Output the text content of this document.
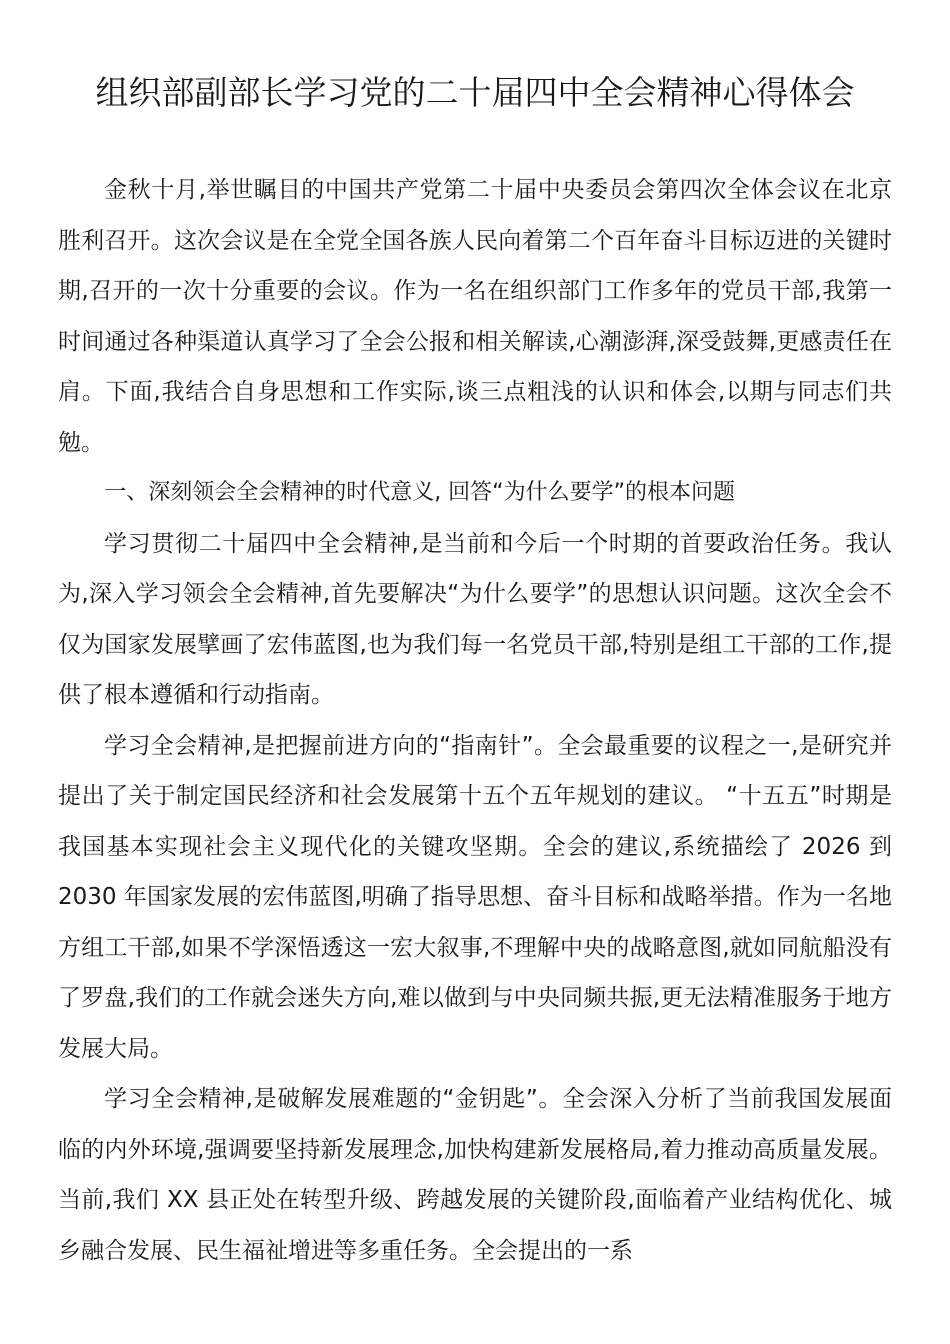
组织部副部长学习党的二十届四中全会精神心得体会

金秋十月,举世瞩目的中国共产党第二十届中央委员会第四次全体会议在北京胜利召开。这次会议是在全党全国各族人民向着第二个百年奋斗目标迈进的关键时期,召开的一次十分重要的会议。作为一名在组织部门工作多年的党员干部,我第一时间通过各种渠道认真学习了全会公报和相关解读,心潮澎湃,深受鼓舞,更感责任在肩。下面,我结合自身思想和工作实际,谈三点粗浅的认识和体会,以期与同志们共勉。

一、深刻领会全会精神的时代意义, 回答“为什么要学”的根本问题

学习贯彻二十届四中全会精神,是当前和今后一个时期的首要政治任务。我认为,深入学习领会全会精神,首先要解决“为什么要学”的思想认识问题。这次全会不仅为国家发展擘画了宏伟蓝图,也为我们每一名党员干部,特别是组工干部的工作,提供了根本遵循和行动指南。

学习全会精神,是把握前进方向的“指南针”。全会最重要的议程之一,是研究并提出了关于制定国民经济和社会发展第十五个五年规划的建议。 “十五五”时期是我国基本实现社会主义现代化的关键攻坚期。全会的建议,系统描绘了 2026 到 2030 年国家发展的宏伟蓝图,明确了指导思想、奋斗目标和战略举措。作为一名地方组工干部,如果不学深悟透这一宏大叙事,不理解中央的战略意图,就如同航船没有了罗盘,我们的工作就会迷失方向,难以做到与中央同频共振,更无法精准服务于地方发展大局。

学习全会精神,是破解发展难题的“金钥匙”。全会深入分析了当前我国发展面临的内外环境,强调要坚持新发展理念,加快构建新发展格局,着力推动高质量发展。当前,我们 XX 县正处在转型升级、跨越发展的关键阶段,面临着产业结构优化、城乡融合发展、民生福祉增进等多重任务。全会提出的一系
